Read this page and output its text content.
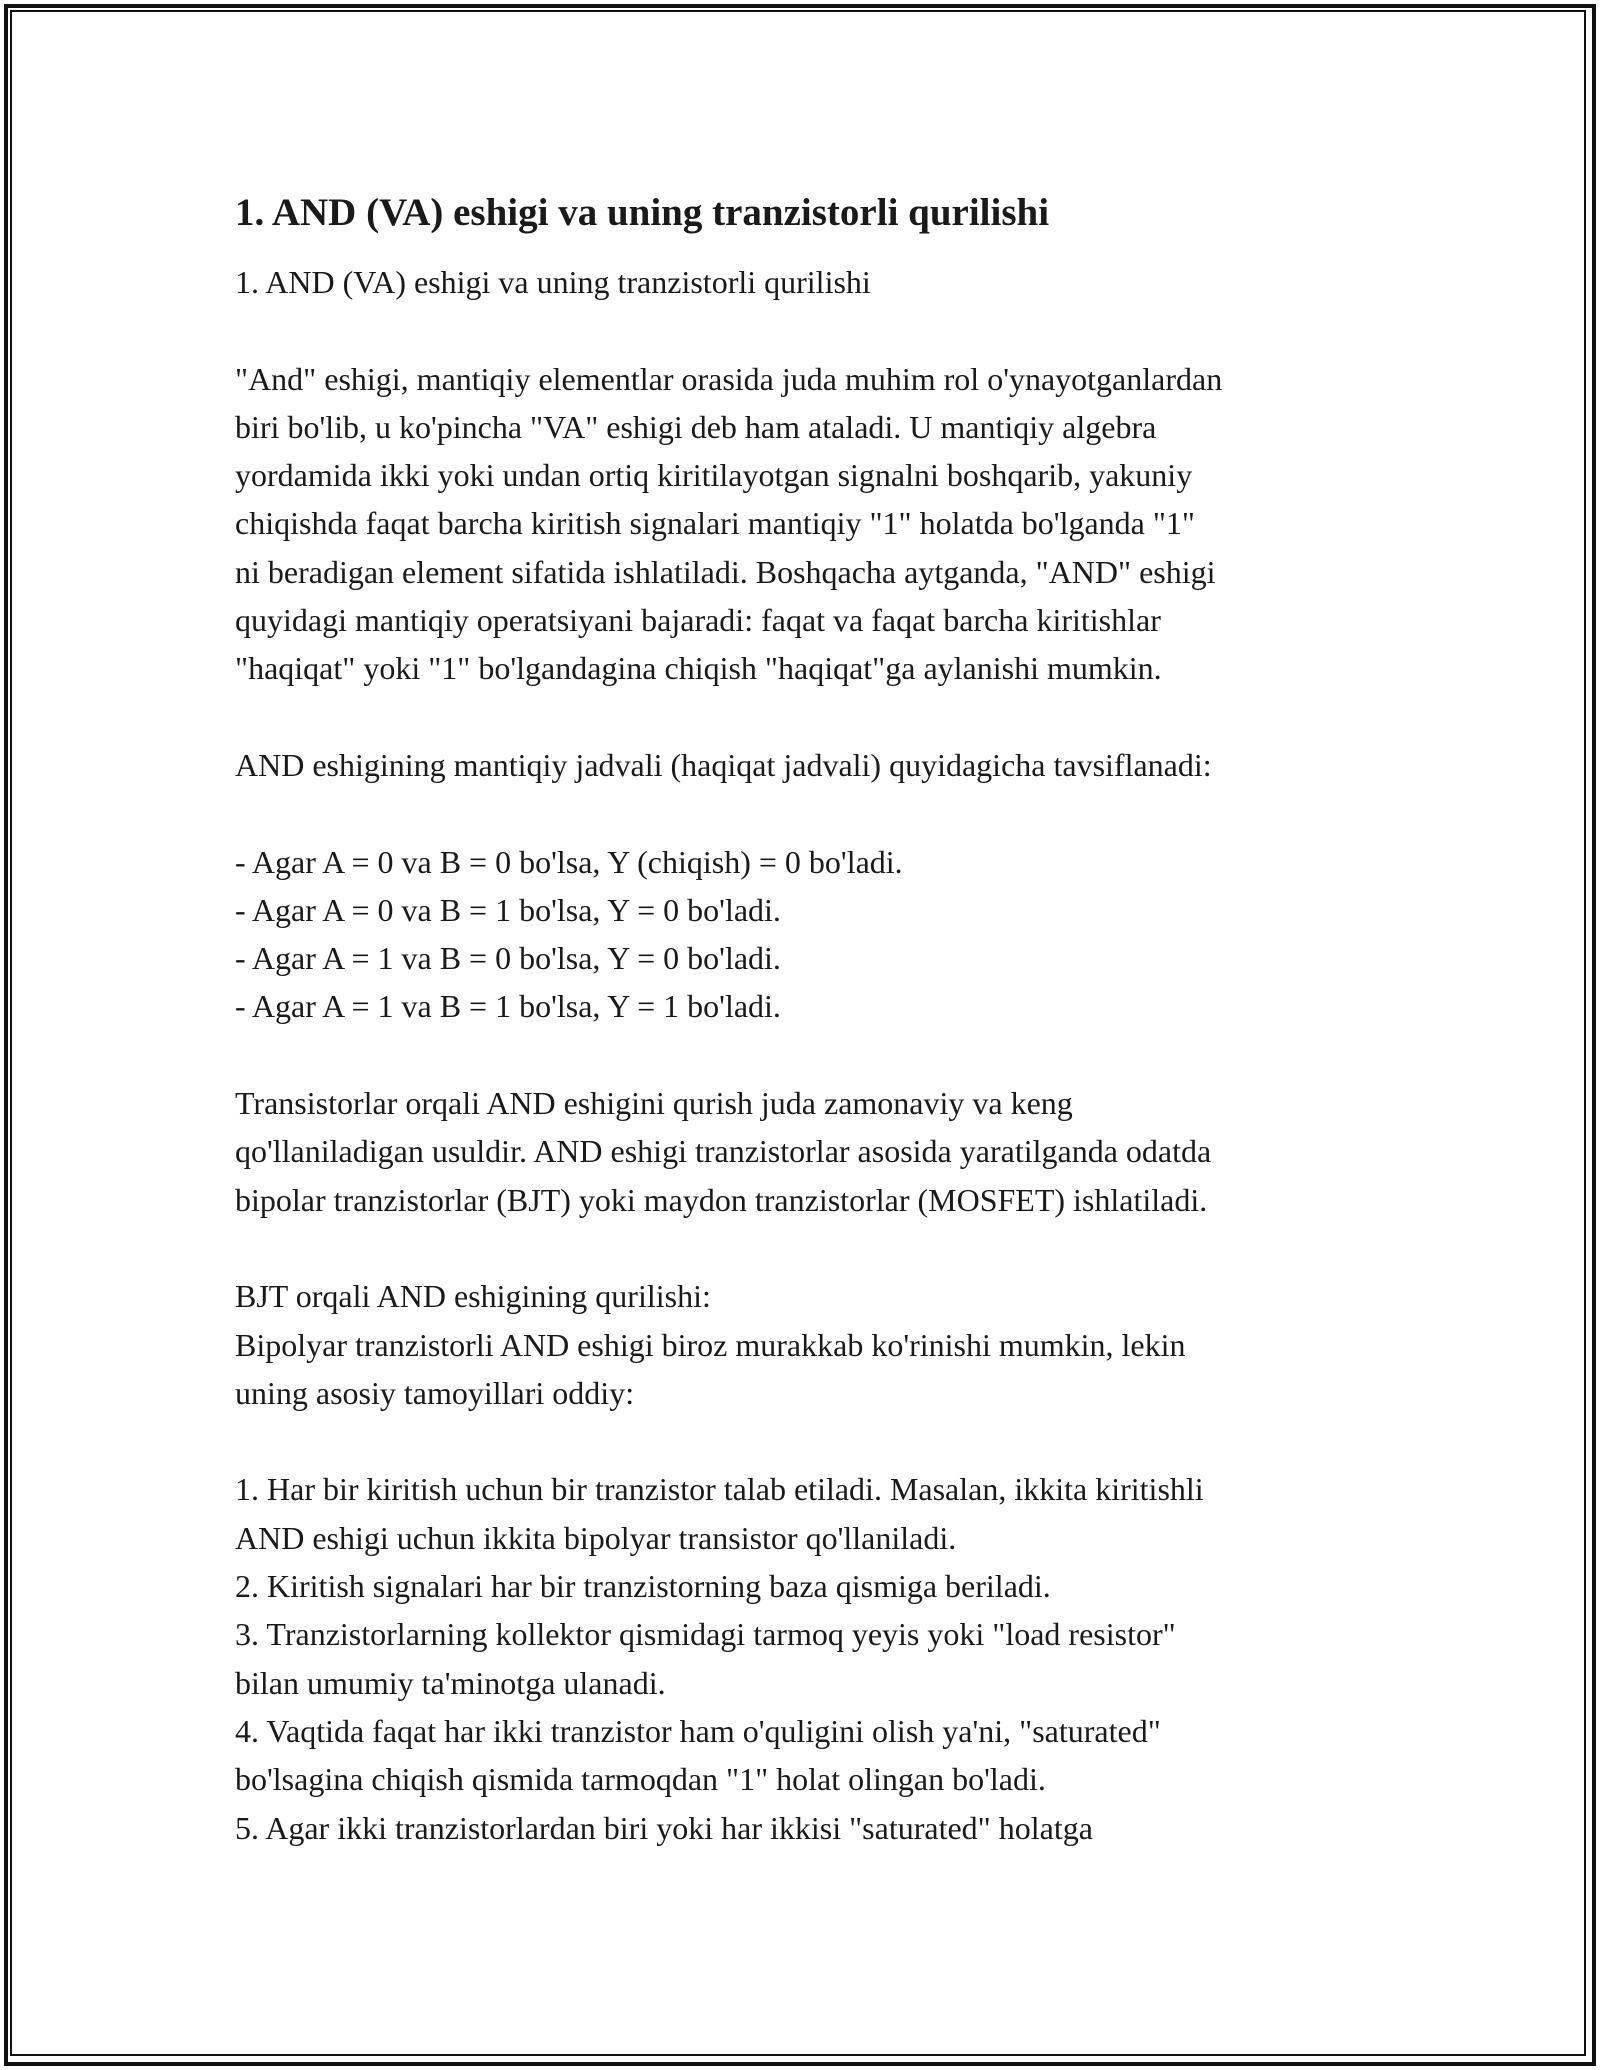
1. AND (VA) eshigi va uning tranzistorli qurilishi

1. AND (VA) eshigi va uning tranzistorli qurilishi

"And" eshigi, mantiqiy elementlar orasida juda muhim rol o'ynayotganlardan

biri bo'lib, u ko'pincha "VA" eshigi deb ham ataladi. U mantiqiy algebra

yordamida ikki yoki undan ortiq kiritilayotgan signalni boshqarib, yakuniy

chiqishda faqat barcha kiritish signalari mantiqiy "1" holatda bo'lganda "1"

ni beradigan element sifatida ishlatiladi. Boshqacha aytganda, "AND" eshigi

quyidagi mantiqiy operatsiyani bajaradi: faqat va faqat barcha kiritishlar

"haqiqat" yoki "1" bo'lgandagina chiqish "haqiqat"ga aylanishi mumkin.

AND eshigining mantiqiy jadvali (haqiqat jadvali) quyidagicha tavsiflanadi:

- Agar A = 0 va B = 0 bo'lsa, Y (chiqish) = 0 bo'ladi.

- Agar A = 0 va B = 1 bo'lsa, Y = 0 bo'ladi.

- Agar A = 1 va B = 0 bo'lsa, Y = 0 bo'ladi.

- Agar A = 1 va B = 1 bo'lsa, Y = 1 bo'ladi.

Transistorlar orqali AND eshigini qurish juda zamonaviy va keng

qo'llaniladigan usuldir. AND eshigi tranzistorlar asosida yaratilganda odatda

bipolar tranzistorlar (BJT) yoki maydon tranzistorlar (MOSFET) ishlatiladi.

BJT orqali AND eshigining qurilishi:

Bipolyar tranzistorli AND eshigi biroz murakkab ko'rinishi mumkin, lekin

uning asosiy tamoyillari oddiy:

1. Har bir kiritish uchun bir tranzistor talab etiladi. Masalan, ikkita kiritishli

AND eshigi uchun ikkita bipolyar transistor qo'llaniladi.

2. Kiritish signalari har bir tranzistorning baza qismiga beriladi.

3. Tranzistorlarning kollektor qismidagi tarmoq yeyis yoki "load resistor"

bilan umumiy ta'minotga ulanadi.

4. Vaqtida faqat har ikki tranzistor ham o'quligini olish ya'ni, "saturated"

bo'lsagina chiqish qismida tarmoqdan "1" holat olingan bo'ladi.

5. Agar ikki tranzistorlardan biri yoki har ikkisi "saturated" holatga
